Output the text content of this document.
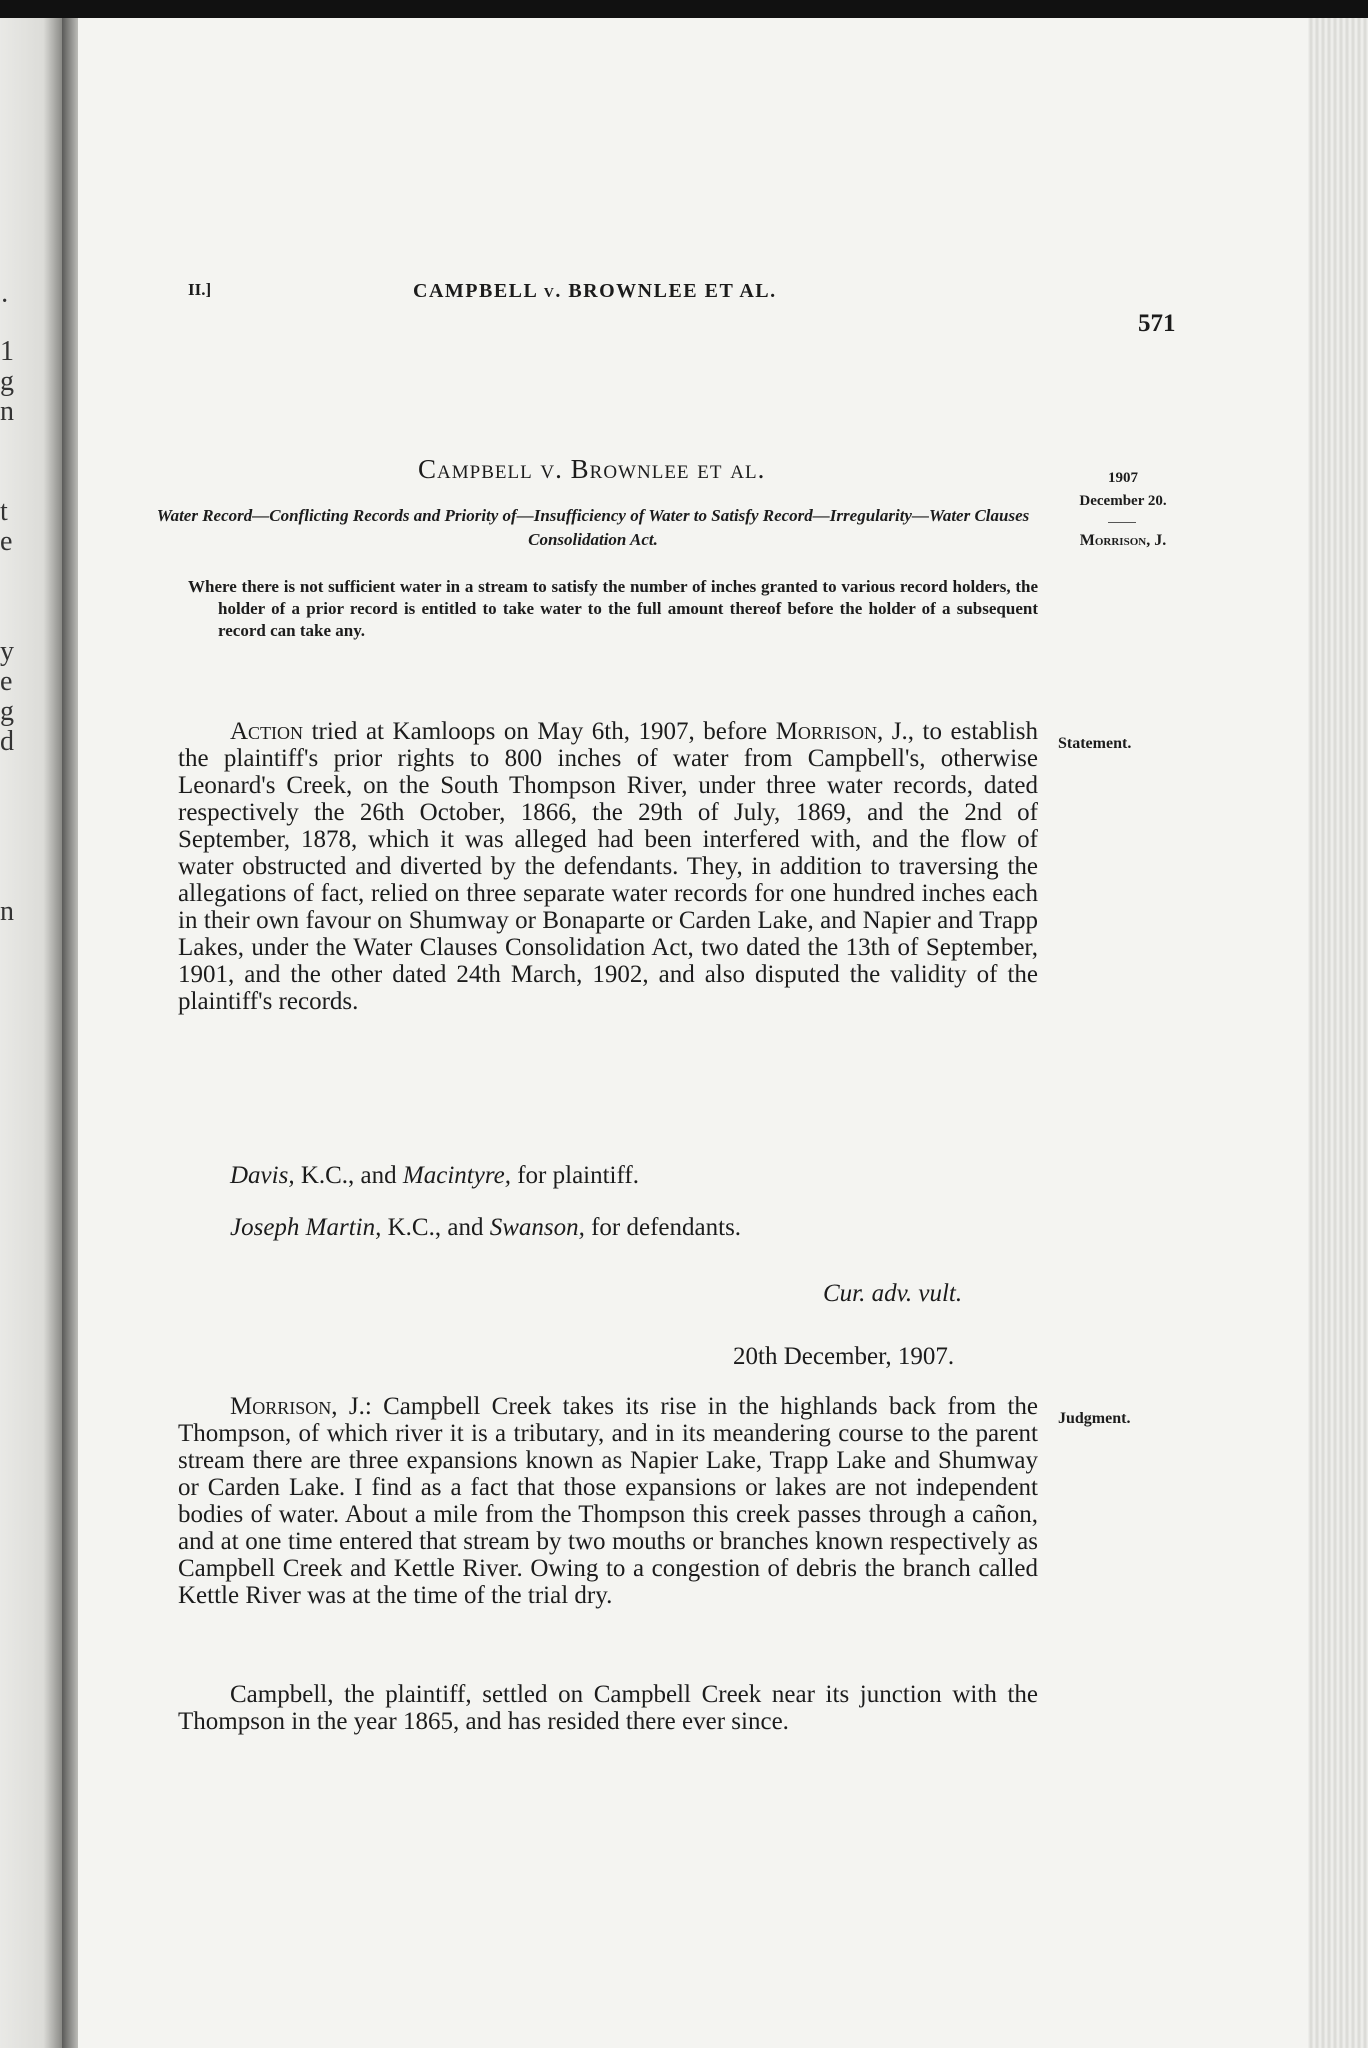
·
1
g
n
t
e
y
e
g
d
n
II.]	CAMPBELL v. BROWNLEE ET AL.
571
Campbell v. Brownlee et al.	1907
December 20.
Morrison, J.
Water Record—Conflicting Records and Priority of—Insufficiency of Water to Satisfy Record—Irregularity—Water Clauses Consolidation Act.
Where there is not sufficient water in a stream to satisfy the number of inches granted to various record holders, the holder of a prior record is entitled to take water to the full amount thereof before the holder of a subsequent record can take any.
Statement.
Action tried at Kamloops on May 6th, 1907, before Morrison, J., to establish the plaintiff's prior rights to 800 inches of water from Campbell's, otherwise Leonard's Creek, on the South Thompson River, under three water records, dated respectively the 26th October, 1866, the 29th of July, 1869, and the 2nd of September, 1878, which it was alleged had been interfered with, and the flow of water obstructed and diverted by the defendants. They, in addition to traversing the allegations of fact, relied on three separate water records for one hundred inches each in their own favour on Shumway or Bonaparte or Carden Lake, and Napier and Trapp Lakes, under the Water Clauses Consolidation Act, two dated the 13th of September, 1901, and the other dated 24th March, 1902, and also disputed the validity of the plaintiff's records.
Davis, K.C., and Macintyre, for plaintiff.
Joseph Martin, K.C., and Swanson, for defendants.
Cur. adv. vult.
20th December, 1907.
Judgment.
Morrison, J.: Campbell Creek takes its rise in the highlands back from the Thompson, of which river it is a tributary, and in its meandering course to the parent stream there are three expansions known as Napier Lake, Trapp Lake and Shumway or Carden Lake. I find as a fact that those expansions or lakes are not independent bodies of water. About a mile from the Thompson this creek passes through a cañon, and at one time entered that stream by two mouths or branches known respectively as Campbell Creek and Kettle River. Owing to a congestion of debris the branch called Kettle River was at the time of the trial dry.
Campbell, the plaintiff, settled on Campbell Creek near its junction with the Thompson in the year 1865, and has resided there ever since.
